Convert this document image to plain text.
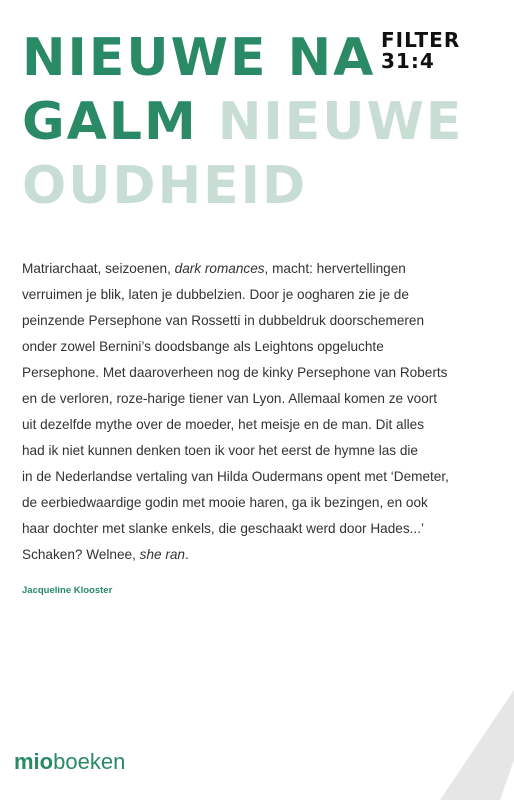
NIEUWE NA
GALM NIEUWE
OUDHEID
FILTER
31:4

Matriarchaat, seizoenen, dark romances, macht: hervertellingen
verruimen je blik, laten je dubbelzien. Door je oogharen zie je de
peinzende Persephone van Rossetti in dubbeldruk doorschemeren
onder zowel Bernini’s doodsbange als Leightons opgeluchte
Persephone. Met daaroverheen nog de kinky Persephone van Roberts
en de verloren, roze-harige tiener van Lyon. Allemaal komen ze voort
uit dezelfde mythe over de moeder, het meisje en de man. Dit alles
had ik niet kunnen denken toen ik voor het eerst de hymne las die
in de Nederlandse vertaling van Hilda Oudermans opent met ‘Demeter,
de eerbiedwaardige godin met mooie haren, ga ik bezingen, en ook
haar dochter met slanke enkels, die geschaakt werd door Hades...’
Schaken? Welnee, she ran.

Jacqueline Klooster
mioboeken
